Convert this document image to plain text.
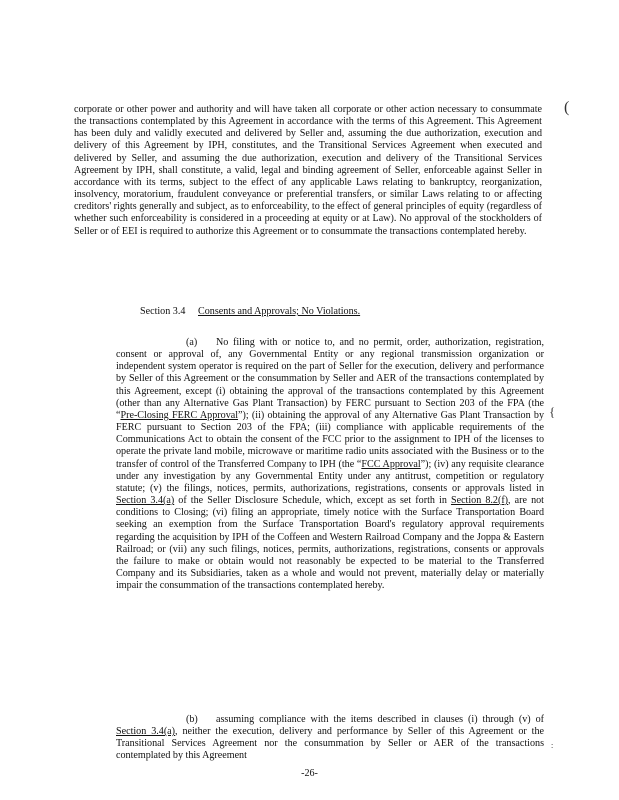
corporate or other power and authority and will have taken all corporate or other action necessary to consummate the transactions contemplated by this Agreement in accordance with the terms of this Agreement. This Agreement has been duly and validly executed and delivered by Seller and, assuming the due authorization, execution and delivery of this Agreement by IPH, constitutes, and the Transitional Services Agreement when executed and delivered by Seller, and assuming the due authorization, execution and delivery of the Transitional Services Agreement by IPH, shall constitute, a valid, legal and binding agreement of Seller, enforceable against Seller in accordance with its terms, subject to the effect of any applicable Laws relating to bankruptcy, reorganization, insolvency, moratorium, fraudulent conveyance or preferential transfers, or similar Laws relating to or affecting creditors' rights generally and subject, as to enforceability, to the effect of general principles of equity (regardless of whether such enforceability is considered in a proceeding at equity or at Law). No approval of the stockholders of Seller or of EEI is required to authorize this Agreement or to consummate the transactions contemplated hereby.

Section 3.4 Consents and Approvals; No Violations.

(a) No filing with or notice to, and no permit, order, authorization, registration, consent or approval of, any Governmental Entity or any regional transmission organization or independent system operator is required on the part of Seller for the execution, delivery and performance by Seller of this Agreement or the consummation by Seller and AER of the transactions contemplated by this Agreement, except (i) obtaining the approval of the transactions contemplated by this Agreement (other than any Alternative Gas Plant Transaction) by FERC pursuant to Section 203 of the FPA (the “Pre-Closing FERC Approval”); (ii) obtaining the approval of any Alternative Gas Plant Transaction by FERC pursuant to Section 203 of the FPA; (iii) compliance with applicable requirements of the Communications Act to obtain the consent of the FCC prior to the assignment to IPH of the licenses to operate the private land mobile, microwave or maritime radio units associated with the Business or to the transfer of control of the Transferred Company to IPH (the “FCC Approval”); (iv) any requisite clearance under any investigation by any Governmental Entity under any antitrust, competition or regulatory statute; (v) the filings, notices, permits, authorizations, registrations, consents or approvals listed in Section 3.4(a) of the Seller Disclosure Schedule, which, except as set forth in Section 8.2(f), are not conditions to Closing; (vi) filing an appropriate, timely notice with the Surface Transportation Board seeking an exemption from the Surface Transportation Board's regulatory approval requirements regarding the acquisition by IPH of the Coffeen and Western Railroad Company and the Joppa & Eastern Railroad; or (vii) any such filings, notices, permits, authorizations, registrations, consents or approvals the failure to make or obtain would not reasonably be expected to be material to the Transferred Company and its Subsidiaries, taken as a whole and would not prevent, materially delay or materially impair the consummation of the transactions contemplated hereby.

(b) assuming compliance with the items described in clauses (i) through (v) of Section 3.4(a), neither the execution, delivery and performance by Seller of this Agreement or the Transitional Services Agreement nor the consummation by Seller or AER of the transactions contemplated by this Agreement

-26-
(
{
:
